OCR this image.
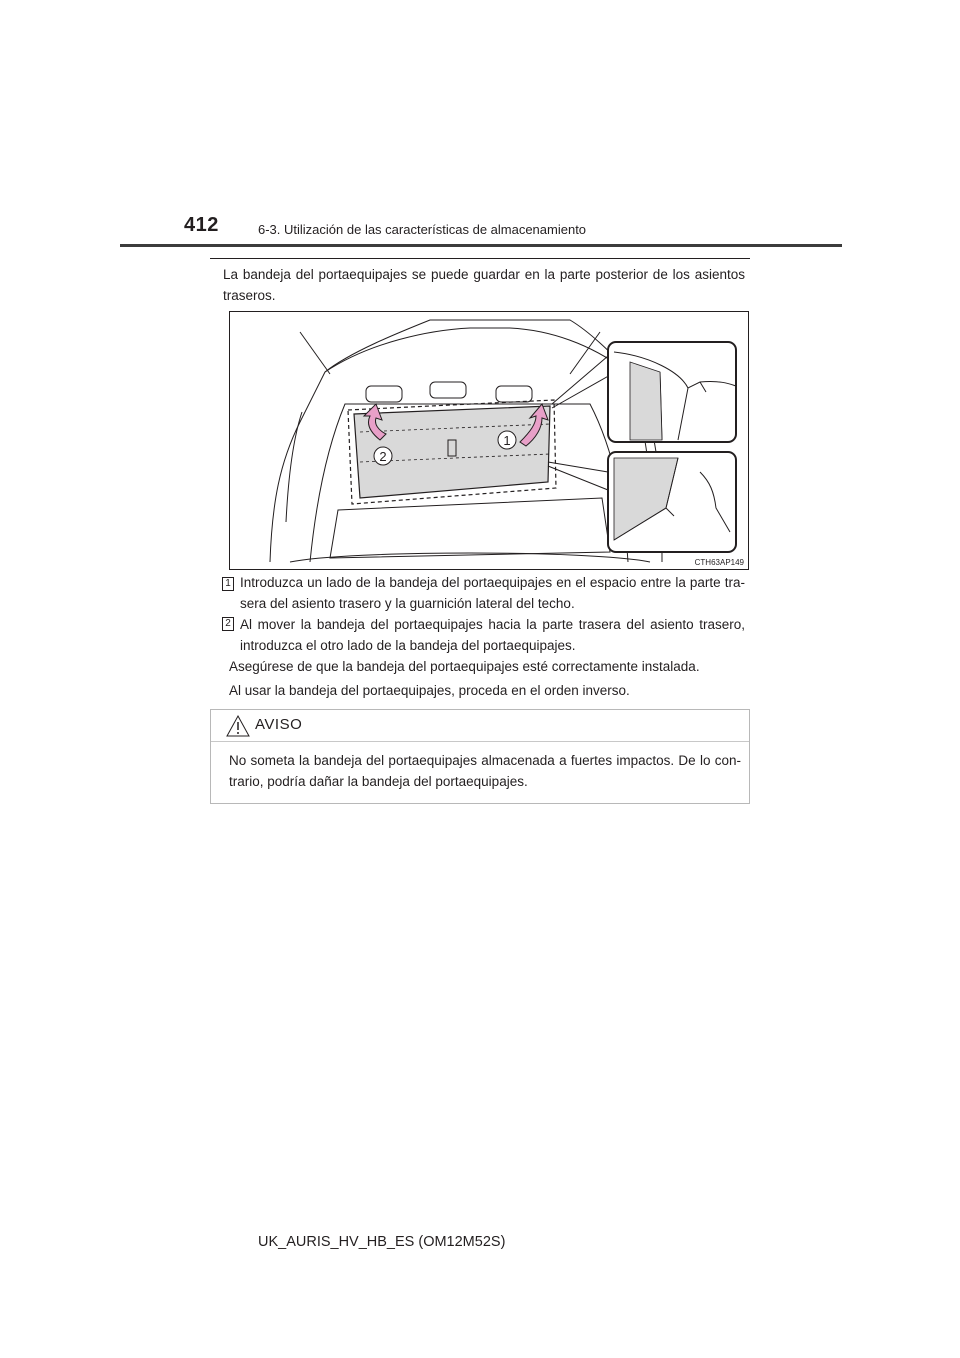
412	6-3. Utilización de las características de almacenamiento
La bandeja del portaequipajes se puede guardar en la parte posterior de los asientos traseros.
1
2
CTH63AP149
1 Introduzca un lado de la bandeja del portaequipajes en el espacio entre la parte tra-sera del asiento trasero y la guarnición lateral del techo.
2 Al mover la bandeja del portaequipajes hacia la parte trasera del asiento trasero, introduzca el otro lado de la bandeja del portaequipajes.
Asegúrese de que la bandeja del portaequipajes esté correctamente instalada.
Al usar la bandeja del portaequipajes, proceda en el orden inverso.
AVISO
No someta la bandeja del portaequipajes almacenada a fuertes impactos. De lo con-trario, podría dañar la bandeja del portaequipajes.
UK_AURIS_HV_HB_ES (OM12M52S)
